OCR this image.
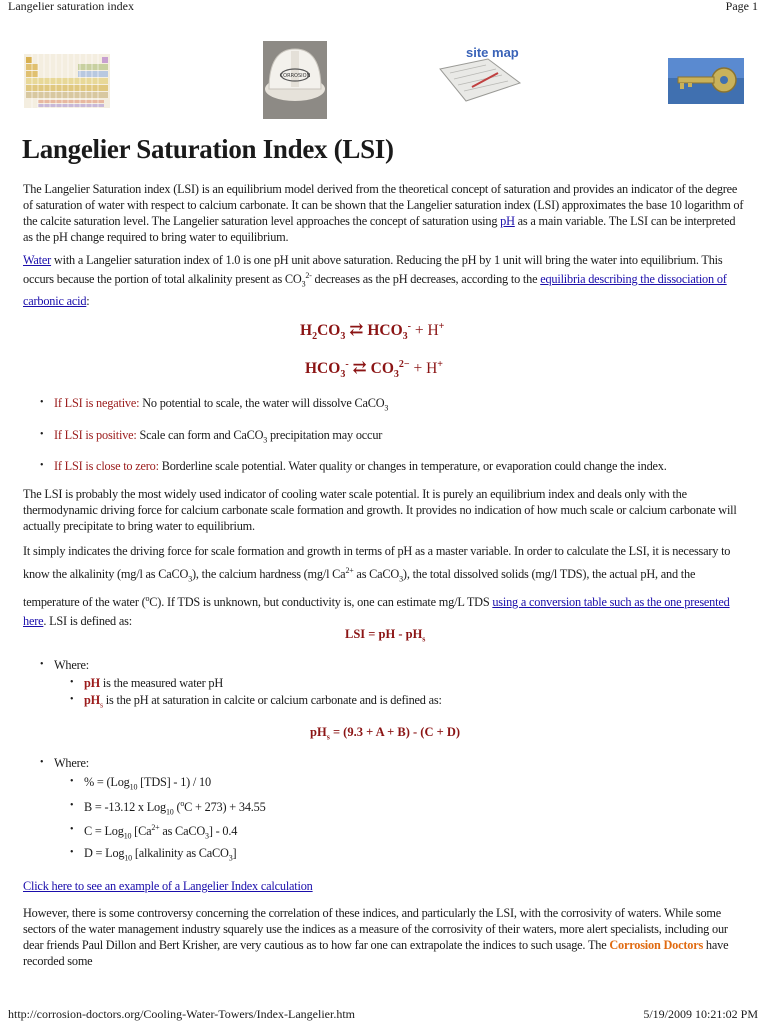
Langelier saturation index	Page 1
CORROSION
site map
Langelier Saturation Index (LSI)

The Langelier Saturation index (LSI) is an equilibrium model derived from the theoretical concept of saturation and provides an indicator of the degree of saturation of water with respect to calcium carbonate. It can be shown that the Langelier saturation index (LSI) approximates the base 10 logarithm of the calcite saturation level. The Langelier saturation level approaches the concept of saturation using pH as a main variable. The LSI can be interpreted as the pH change required to bring water to equilibrium.

Water with a Langelier saturation index of 1.0 is one pH unit above saturation. Reducing the pH by 1 unit will bring the water into equilibrium. This occurs because the portion of total alkalinity present as $CO_3^{2-}$ decreases as the pH decreases, according to the equilibria describing the dissociation of carbonic acid:

$H_2CO_3$ ⇄ $HCO_3^- + H^+$
$HCO_3^-$ ⇄ $CO_3^{2-} + H^+$
• If LSI is negative: No potential to scale, the water will dissolve CaCO$_3$
• If LSI is positive: Scale can form and CaCO$_3$ precipitation may occur
• If LSI is close to zero: Borderline scale potential. Water quality or changes in temperature, or evaporation could change the index.

The LSI is probably the most widely used indicator of cooling water scale potential. It is purely an equilibrium index and deals only with the thermodynamic driving force for calcium carbonate scale formation and growth. It provides no indication of how much scale or calcium carbonate will actually precipitate to bring water to equilibrium.

It simply indicates the driving force for scale formation and growth in terms of pH as a master variable. In order to calculate the LSI, it is necessary to know the alkalinity (mg/l as CaCO$_3$), the calcium hardness (mg/l $Ca^{2+}$ as CaCO$_3$), the total dissolved solids (mg/l TDS), the actual pH, and the temperature of the water ($^o$C). If TDS is unknown, but conductivity is, one can estimate mg/L TDS using a conversion table such as the one presented here. LSI is defined as:

LSI = pH - $pH_s$
• Where:
• pH is the measured water pH
• $pH_s$ is the pH at saturation in calcite or calcium carbonate and is defined as:
$pH_s = (9.3 + A + B) - (C + D)$
• Where:
• % = (Log$_{10}$ [TDS] - 1) / 10
• B = -13.12 x Log$_{10}$ ($^o$C + 273) + 34.55
• C = Log$_{10}$ [$Ca^{2+}$ as CaCO$_3$] - 0.4
• D = Log$_{10}$ [alkalinity as CaCO$_3$]
Click here to see an example of a Langelier Index calculation

However, there is some controversy concerning the correlation of these indices, and particularly the LSI, with the corrosivity of waters. While some sectors of the water management industry squarely use the indices as a measure of the corrosivity of their waters, more alert specialists, including our dear friends Paul Dillon and Bert Krisher, are very cautious as to how far one can extrapolate the indices to such usage. The Corrosion Doctors have recorded some

http://corrosion-doctors.org/Cooling-Water-Towers/Index-Langelier.htm	5/19/2009 10:21:02 PM
